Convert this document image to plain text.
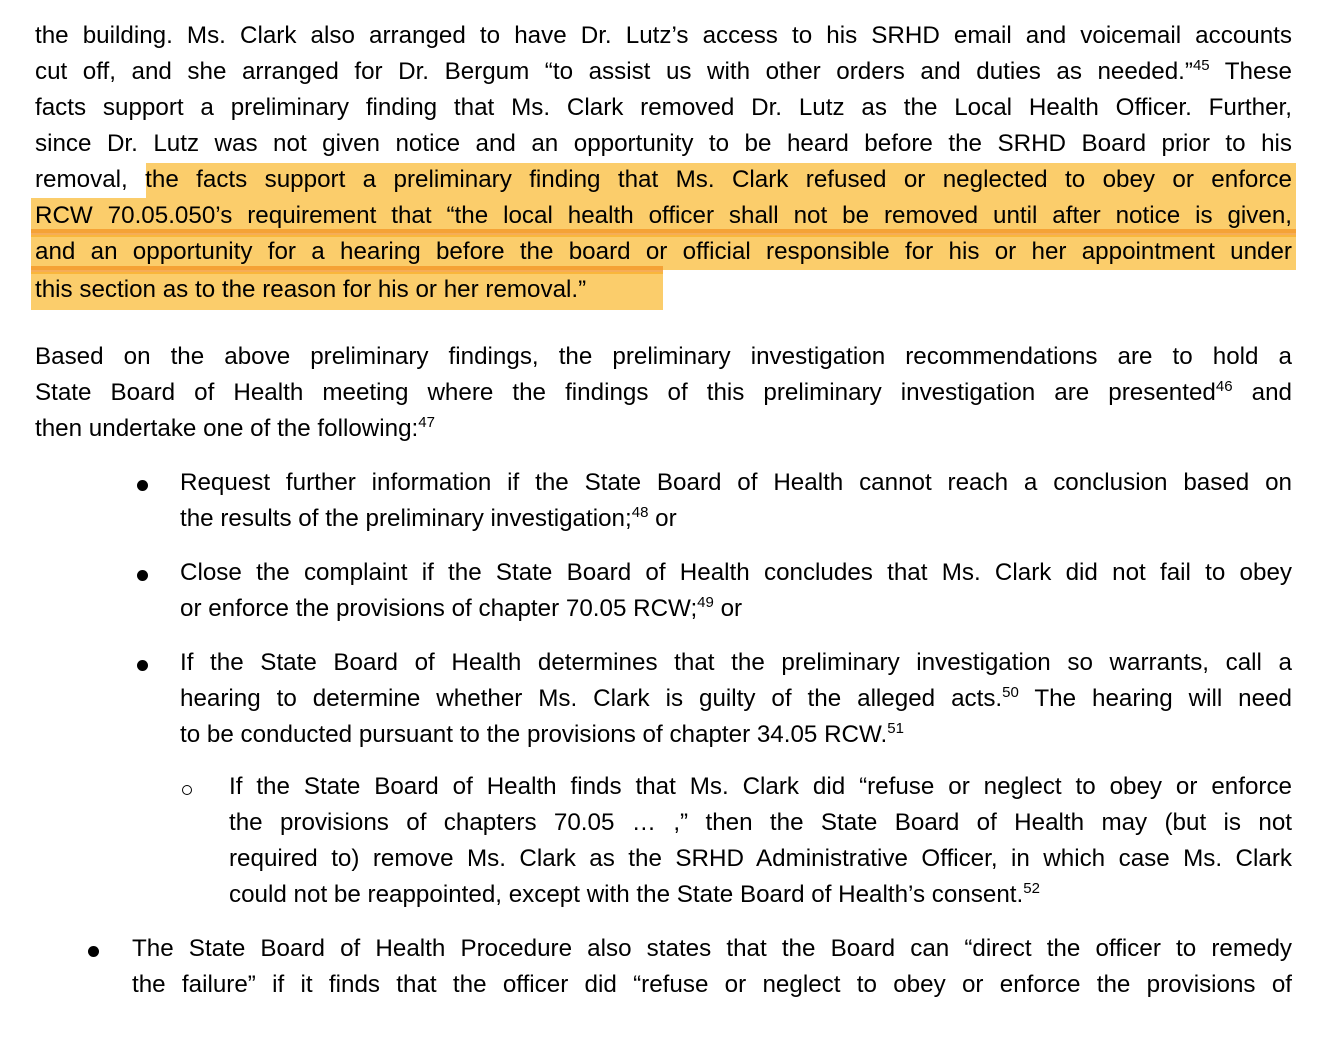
the building. Ms. Clark also arranged to have Dr. Lutz’s access to his SRHD email and voicemail accounts
cut off, and she arranged for Dr. Bergum “to assist us with other orders and duties as needed.”$^{45}$ These
facts support a preliminary finding that Ms. Clark removed Dr. Lutz as the Local Health Officer. Further,
since Dr. Lutz was not given notice and an opportunity to be heard before the SRHD Board prior to his
removal, the facts support a preliminary finding that Ms. Clark refused or neglected to obey or enforce
RCW 70.05.050’s requirement that “the local health officer shall not be removed until after notice is given,
and an opportunity for a hearing before the board or official responsible for his or her appointment under
this section as to the reason for his or her removal.”
Based on the above preliminary findings, the preliminary investigation recommendations are to hold a
State Board of Health meeting where the findings of this preliminary investigation are presented$^{46}$ and
then undertake one of the following:$^{47}$
Request further information if the State Board of Health cannot reach a conclusion based on
the results of the preliminary investigation;$^{48}$ or
Close the complaint if the State Board of Health concludes that Ms. Clark did not fail to obey
or enforce the provisions of chapter 70.05 RCW;$^{49}$ or
If the State Board of Health determines that the preliminary investigation so warrants, call a
hearing to determine whether Ms. Clark is guilty of the alleged acts.$^{50}$ The hearing will need
to be conducted pursuant to the provisions of chapter 34.05 RCW.$^{51}$
If the State Board of Health finds that Ms. Clark did “refuse or neglect to obey or enforce
the provisions of chapters 70.05 … ,” then the State Board of Health may (but is not
required to) remove Ms. Clark as the SRHD Administrative Officer, in which case Ms. Clark
could not be reappointed, except with the State Board of Health’s consent.$^{52}$
The State Board of Health Procedure also states that the Board can “direct the officer to remedy
the failure” if it finds that the officer did “refuse or neglect to obey or enforce the provisions of
